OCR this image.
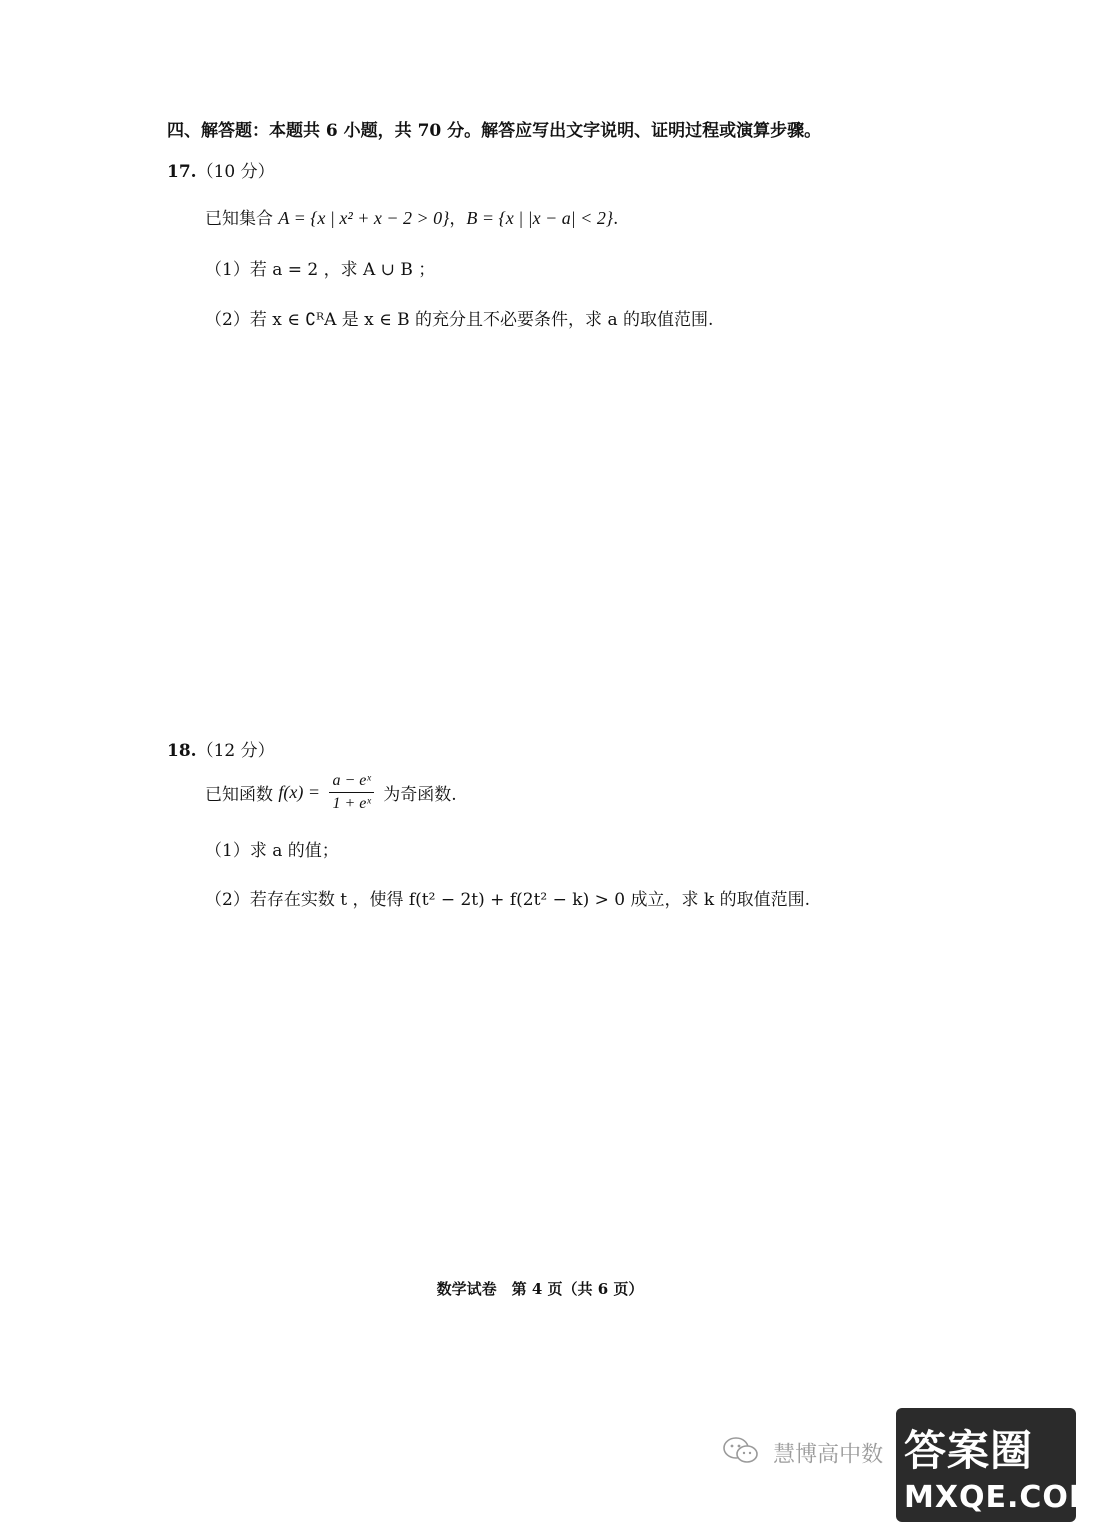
四、解答题：本题共 6 小题，共 70 分。解答应写出文字说明、证明过程或演算步骤。
17.（10 分）
已知集合 A = {x | x² + x − 2 > 0}，B = {x | |x − a| < 2}.
（1）若 a = 2 ，求 A ∪ B ；
（2）若 x ∈ ∁ᴿA 是 x ∈ B 的充分且不必要条件，求 a 的取值范围.
18.（12 分）
已知函数 $f(x) = \frac{\text{a − eˣ}}{\text{1 + eˣ}}$ 为奇函数.
（1）求 a 的值；
（2）若存在实数 t ，使得 f(t² − 2t) + f(2t² − k) > 0 成立，求 k 的取值范围.
数学试卷　第 4 页（共 6 页）
慧博高中数 答案圈
MXQE.COM
